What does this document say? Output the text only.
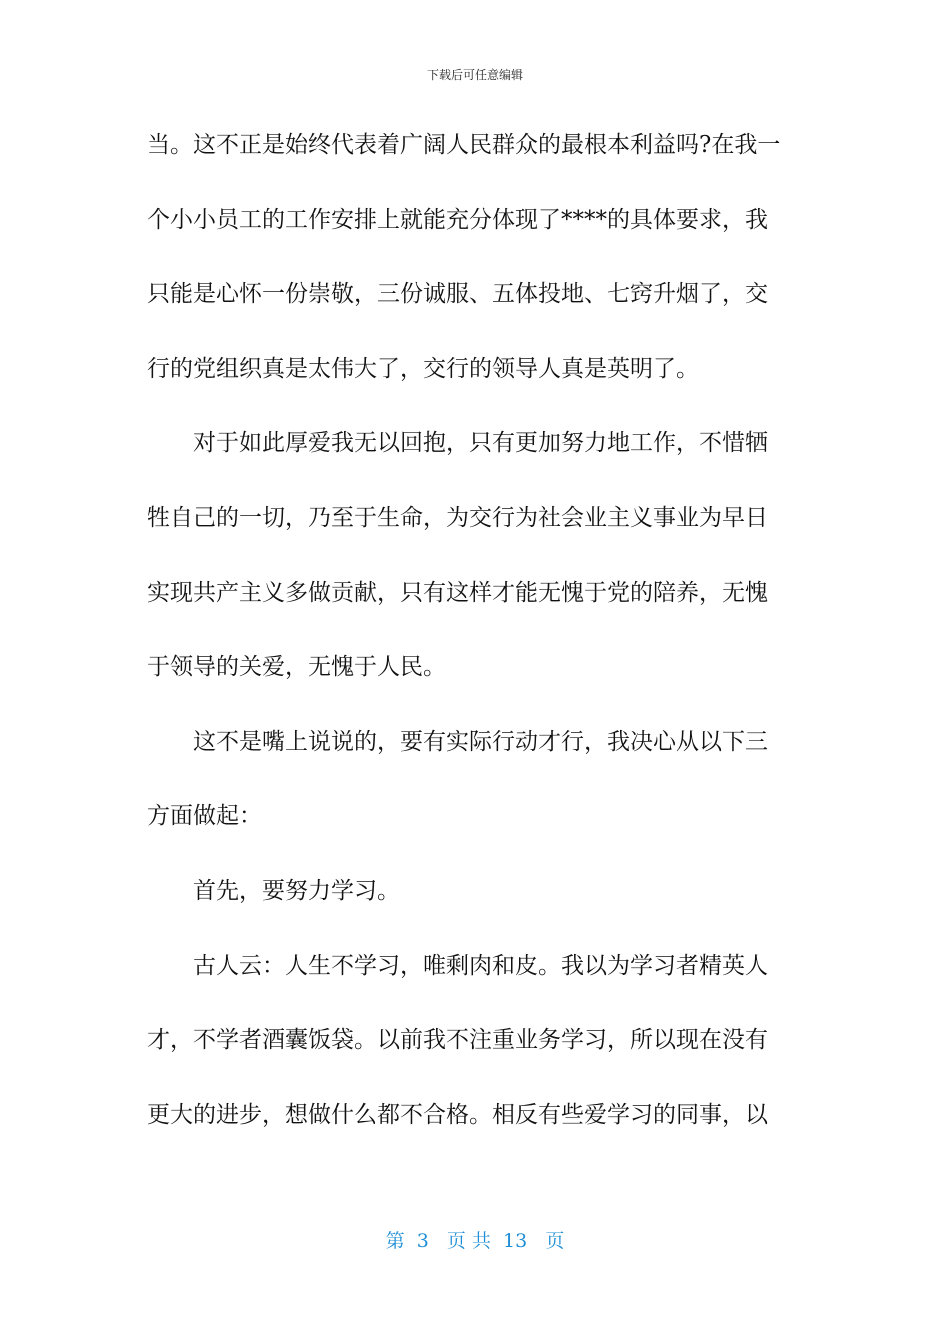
下载后可任意编辑
当。这不正是始终代表着广阔人民群众的最根本利益吗?在我一
个小小员工的工作安排上就能充分体现了****的具体要求，我
只能是心怀一份崇敬，三份诚服、五体投地、七窍升烟了，交
行的党组织真是太伟大了，交行的领导人真是英明了。
对于如此厚爱我无以回抱，只有更加努力地工作，不惜牺
牲自己的一切，乃至于生命，为交行为社会业主义事业为早日
实现共产主义多做贡献，只有这样才能无愧于党的陪养，无愧
于领导的关爱，无愧于人民。
这不是嘴上说说的，要有实际行动才行，我决心从以下三
方面做起：
首先，要努力学习。
古人云：人生不学习，唯剩肉和皮。我以为学习者精英人
才，不学者酒囊饭袋。以前我不注重业务学习，所以现在没有
更大的进步，想做什么都不合格。相反有些爱学习的同事，以
第  3   页 共  13   页
